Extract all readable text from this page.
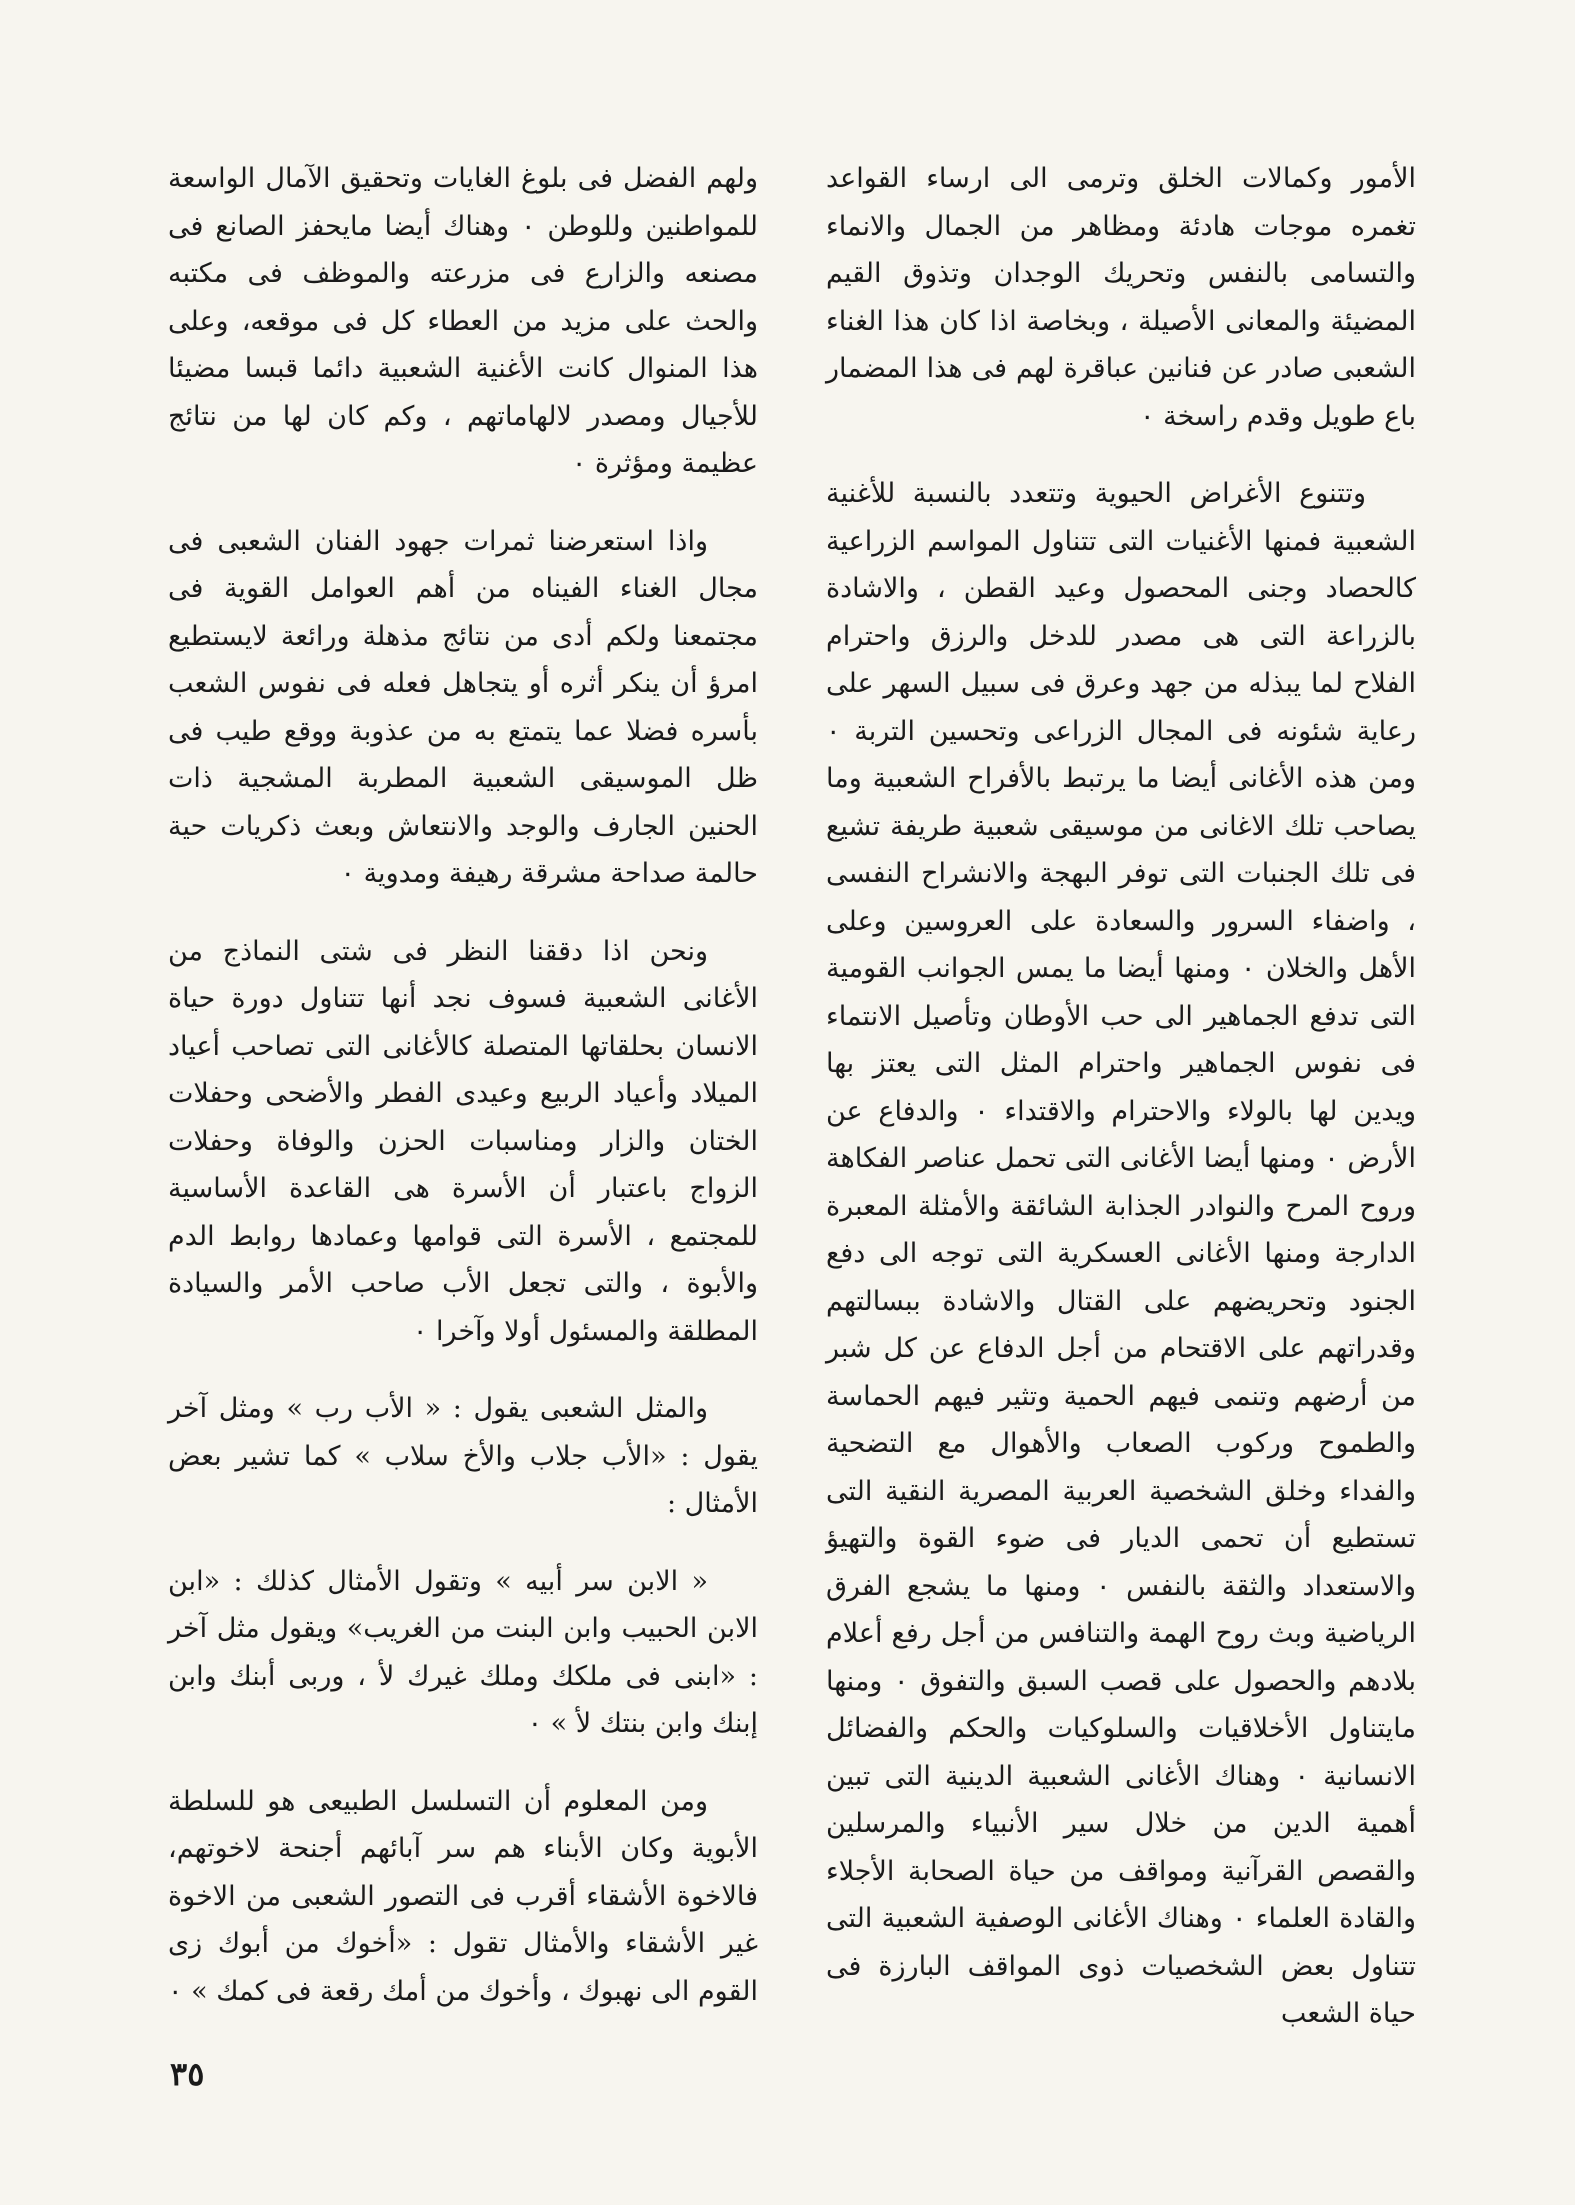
الأمور وكمالات الخلق وترمى الى ارساء القواعد تغمره موجات هادئة ومظاهر من الجمال والانماء والتسامى بالنفس وتحريك الوجدان وتذوق القيم المضيئة والمعانى الأصيلة ، وبخاصة اذا كان هذا الغناء الشعبى صادر عن فنانين عباقرة لهم فى هذا المضمار باع طويل وقدم راسخة ٠

وتتنوع الأغراض الحيوية وتتعدد بالنسبة للأغنية الشعبية فمنها الأغنيات التى تتناول المواسم الزراعية كالحصاد وجنى المحصول وعيد القطن ، والاشادة بالزراعة التى هى مصدر للدخل والرزق واحترام الفلاح لما يبذله من جهد وعرق فى سبيل السهر على رعاية شئونه فى المجال الزراعى وتحسين التربة ٠ ومن هذه الأغانى أيضا ما يرتبط بالأفراح الشعبية وما يصاحب تلك الاغانى من موسيقى شعبية طريفة تشيع فى تلك الجنبات التى توفر البهجة والانشراح النفسى ، واضفاء السرور والسعادة على العروسين وعلى الأهل والخلان ٠ ومنها أيضا ما يمس الجوانب القومية التى تدفع الجماهير الى حب الأوطان وتأصيل الانتماء فى نفوس الجماهير واحترام المثل التى يعتز بها ويدين لها بالولاء والاحترام والاقتداء ٠ والدفاع عن الأرض ٠ ومنها أيضا الأغانى التى تحمل عناصر الفكاهة وروح المرح والنوادر الجذابة الشائقة والأمثلة المعبرة الدارجة ومنها الأغانى العسكرية التى توجه الى دفع الجنود وتحريضهم على القتال والاشادة ببسالتهم وقدراتهم على الاقتحام من أجل الدفاع عن كل شبر من أرضهم وتنمى فيهم الحمية وتثير فيهم الحماسة والطموح وركوب الصعاب والأهوال مع التضحية والفداء وخلق الشخصية العربية المصرية النقية التى تستطيع أن تحمى الديار فى ضوء القوة والتهيؤ والاستعداد والثقة بالنفس ٠ ومنها ما يشجع الفرق الرياضية وبث روح الهمة والتنافس من أجل رفع أعلام بلادهم والحصول على قصب السبق والتفوق ٠ ومنها مايتناول الأخلاقيات والسلوكيات والحكم والفضائل الانسانية ٠ وهناك الأغانى الشعبية الدينية التى تبين أهمية الدين من خلال سير الأنبياء والمرسلين والقصص القرآنية ومواقف من حياة الصحابة الأجلاء والقادة العلماء ٠ وهناك الأغانى الوصفية الشعبية التى تتناول بعض الشخصيات ذوى المواقف البارزة فى حياة الشعب

ولهم الفضل فى بلوغ الغايات وتحقيق الآمال الواسعة للمواطنين وللوطن ٠ وهناك أيضا مايحفز الصانع فى مصنعه والزارع فى مزرعته والموظف فى مكتبه والحث على مزيد من العطاء كل فى موقعه، وعلى هذا المنوال كانت الأغنية الشعبية دائما قبسا مضيئا للأجيال ومصدر لالهاماتهم ، وكم كان لها من نتائج عظيمة ومؤثرة ٠

واذا استعرضنا ثمرات جهود الفنان الشعبى فى مجال الغناء الفيناه من أهم العوامل القوية فى مجتمعنا ولكم أدى من نتائج مذهلة ورائعة لايستطيع امرؤ أن ينكر أثره أو يتجاهل فعله فى نفوس الشعب بأسره فضلا عما يتمتع به من عذوبة ووقع طيب فى ظل الموسيقى الشعبية المطربة المشجية ذات الحنين الجارف والوجد والانتعاش وبعث ذكريات حية حالمة صداحة مشرقة رهيفة ومدوية ٠

ونحن اذا دققنا النظر فى شتى النماذج من الأغانى الشعبية فسوف نجد أنها تتناول دورة حياة الانسان بحلقاتها المتصلة كالأغانى التى تصاحب أعياد الميلاد وأعياد الربيع وعيدى الفطر والأضحى وحفلات الختان والزار ومناسبات الحزن والوفاة وحفلات الزواج باعتبار أن الأسرة هى القاعدة الأساسية للمجتمع ، الأسرة التى قوامها وعمادها روابط الدم والأبوة ، والتى تجعل الأب صاحب الأمر والسيادة المطلقة والمسئول أولا وآخرا ٠

والمثل الشعبى يقول : « الأب رب » ومثل آخر يقول : «الأب جلاب والأخ سلاب » كما تشير بعض الأمثال :

« الابن سر أبيه » وتقول الأمثال كذلك : «ابن الابن الحبيب وابن البنت من الغريب» ويقول مثل آخر : «ابنى فى ملكك وملك غيرك لأ ، وربى أبنك وابن إبنك وابن بنتك لأ » ٠

ومن المعلوم أن التسلسل الطبيعى هو للسلطة الأبوية وكان الأبناء هم سر آبائهم أجنحة لاخوتهم، فالاخوة الأشقاء أقرب فى التصور الشعبى من الاخوة غير الأشقاء والأمثال تقول : «أخوك من أبوك زى القوم الى نهبوك ، وأخوك من أمك رقعة فى كمك » ٠

٣٥
